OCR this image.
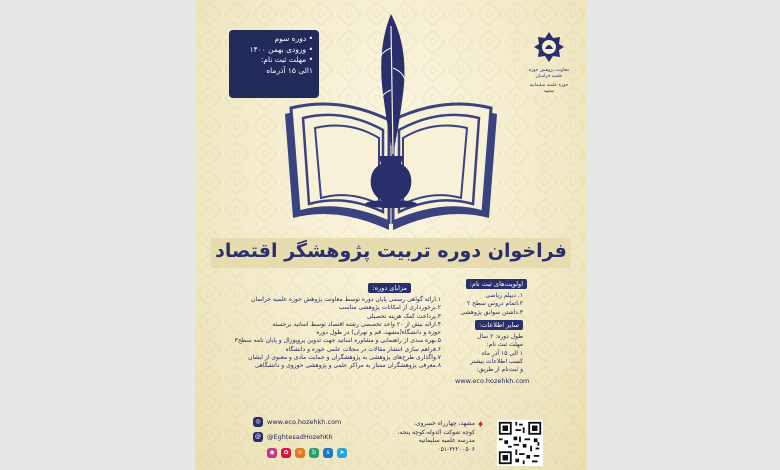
• دوره سوم
• ورودی بهمن ۱۴۰۰
• مهلت ثبت نام:
۱الی ۱۵ آذرماه	معاونت پژوهش حوزه علمیه خراسان
حوزه علمیه سلیمانیه مشهد
فراخوان دوره تربیت پژوهشگر اقتصاد
مزایای دوره:
۱.ارائه گواهی رسمی پایان دوره توسط معاونت پژوهش حوزه علمیه خراسان
۲.برخورداری از امکانات پژوهشی مناسب
۳.پرداخت کمک هزینه تحصیلی
۴.ارائه بیش از ۲۰ واحد تخصصی رشته اقتصاد توسط اساتید برجسته
حوزه و دانشگاه(مشهد، قم و تهران) در طول دوره
۵.بهره مندی از راهنمایی و مشاوره اساتید جهت تدوین پروپوزال و پایان نامه سطح۳
۶.فراهم سازی انتشار مقالات در مجلات علمی حوزه و دانشگاه
۷.واگذاری طرح‌های پژوهشی به پژوهشگران و حمایت مادی و معنوی از ایشان
۸.معرفی پژوهشگران ممتاز به مراکز علمی و پژوهشی حوزوی و دانشگاهی
اولویت‌های ثبت نام:
۱. دیپلم ریاضی
۲.اتمام دروس سطح ۲
۳.داشتن سوابق پژوهشی
سایر اطلاعات:
طول دوره: ۲ سال
مهلت ثبت نام:
۱ الی ۱۵ آذر ماه
کسب اطلاعات بیشتر
و ثبت‌نام از طریق:
www.eco.hozehkh.com
www.eco.hozehkh.com
@EghtesadHozehKh
◎
@
◉	✿	e	b	s	➤
مشهد، چهارراه خسروی،
کوچه شوکت الدوله،کوچه پنجه،
مدرسه علمیه سلیمانیه
۰۵۱-۳۲۲۰۰۵۰۶
♦
